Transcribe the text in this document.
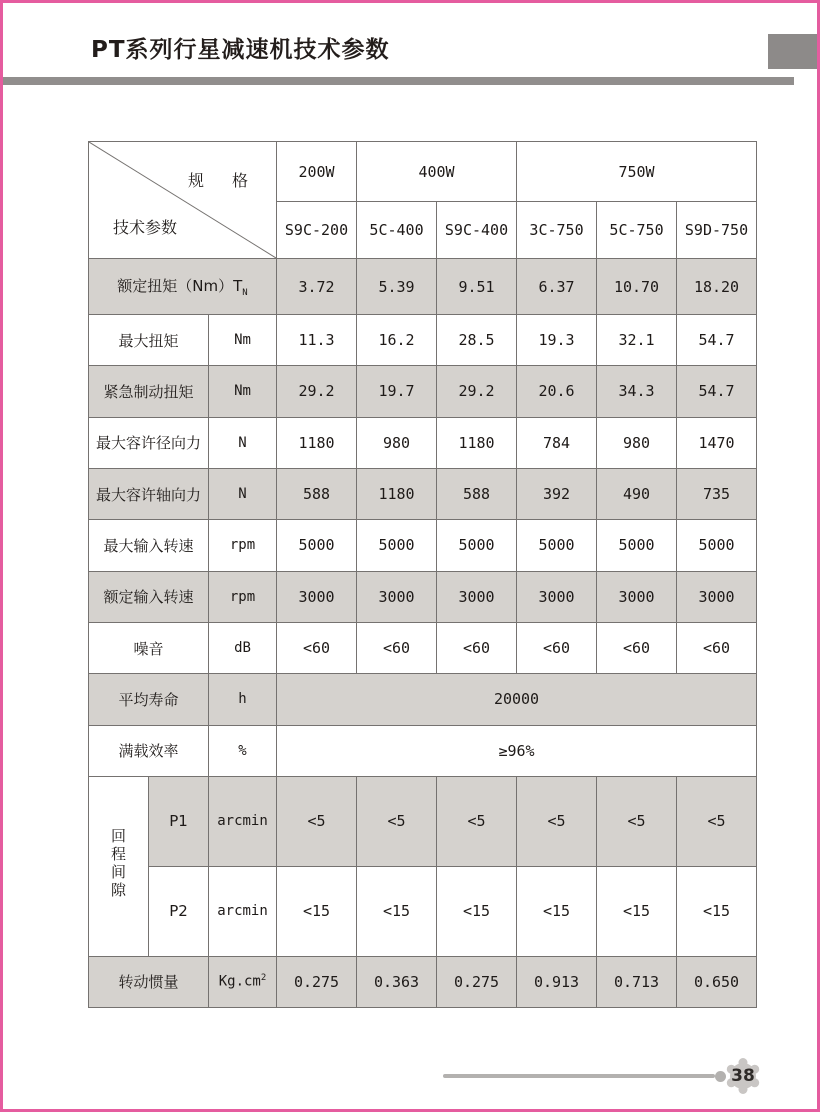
PT系列行星减速机技术参数
规　格
技术参数			200W	400W		750W		
			S9C-200	5C-400	S9C-400	3C-750	5C-750	S9D-750
额定扭矩$(Nm)T_N$			3.72	5.39	9.51	6.37	10.70	18.20
最大扭矩		Nm	11.3	16.2	28.5	19.3	32.1	54.7
紧急制动扭矩		Nm	29.2	19.7	29.2	20.6	34.3	54.7
最大容许径向力		N	1180	980	1180	784	980	1470
最大容许轴向力		N	588	1180	588	392	490	735
最大输入转速		rpm	5000	5000	5000	5000	5000	5000
额定输入转速		rpm	3000	3000	3000	3000	3000	3000
噪音		dB	<60	<60	<60	<60	<60	<60
平均寿命		h	20000					
满载效率		%	≥96%					
回程间隙	P1	arcmin	<5	<5	<5	<5	<5	<5
	P2	arcmin	<15	<15	<15	<15	<15	<15
转动惯量		$Kg.cm^2$	0.275	0.363	0.275	0.913	0.713	0.650
38
